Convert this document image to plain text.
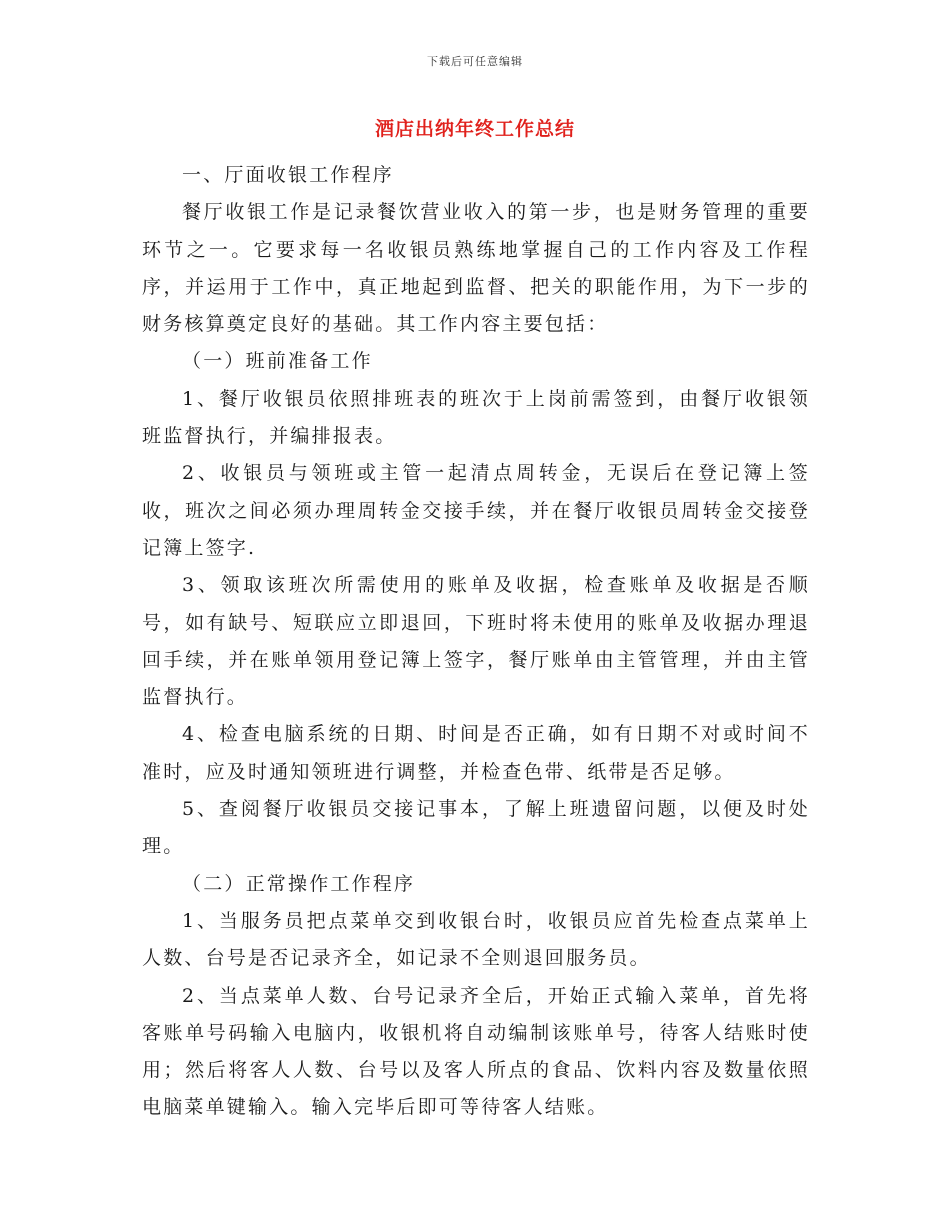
下载后可任意编辑
酒店出纳年终工作总结

一、厅面收银工作程序

餐厅收银工作是记录餐饮营业收入的第一步，也是财务管理的重要环节之一。它要求每一名收银员熟练地掌握自己的工作内容及工作程序，并运用于工作中，真正地起到监督、把关的职能作用，为下一步的财务核算奠定良好的基础。其工作内容主要包括：

（一）班前准备工作

1、餐厅收银员依照排班表的班次于上岗前需签到，由餐厅收银领班监督执行，并编排报表。

2、收银员与领班或主管一起清点周转金，无误后在登记簿上签收，班次之间必须办理周转金交接手续，并在餐厅收银员周转金交接登记簿上签字.

3、领取该班次所需使用的账单及收据，检查账单及收据是否顺号，如有缺号、短联应立即退回，下班时将未使用的账单及收据办理退回手续，并在账单领用登记簿上签字，餐厅账单由主管管理，并由主管监督执行。

4、检查电脑系统的日期、时间是否正确，如有日期不对或时间不准时，应及时通知领班进行调整，并检查色带、纸带是否足够。

5、查阅餐厅收银员交接记事本，了解上班遗留问题，以便及时处理。

（二）正常操作工作程序

1、当服务员把点菜单交到收银台时，收银员应首先检查点菜单上人数、台号是否记录齐全，如记录不全则退回服务员。

2、当点菜单人数、台号记录齐全后，开始正式输入菜单，首先将客账单号码输入电脑内，收银机将自动编制该账单号，待客人结账时使用；然后将客人人数、台号以及客人所点的食品、饮料内容及数量依照电脑菜单键输入。输入完毕后即可等待客人结账。
